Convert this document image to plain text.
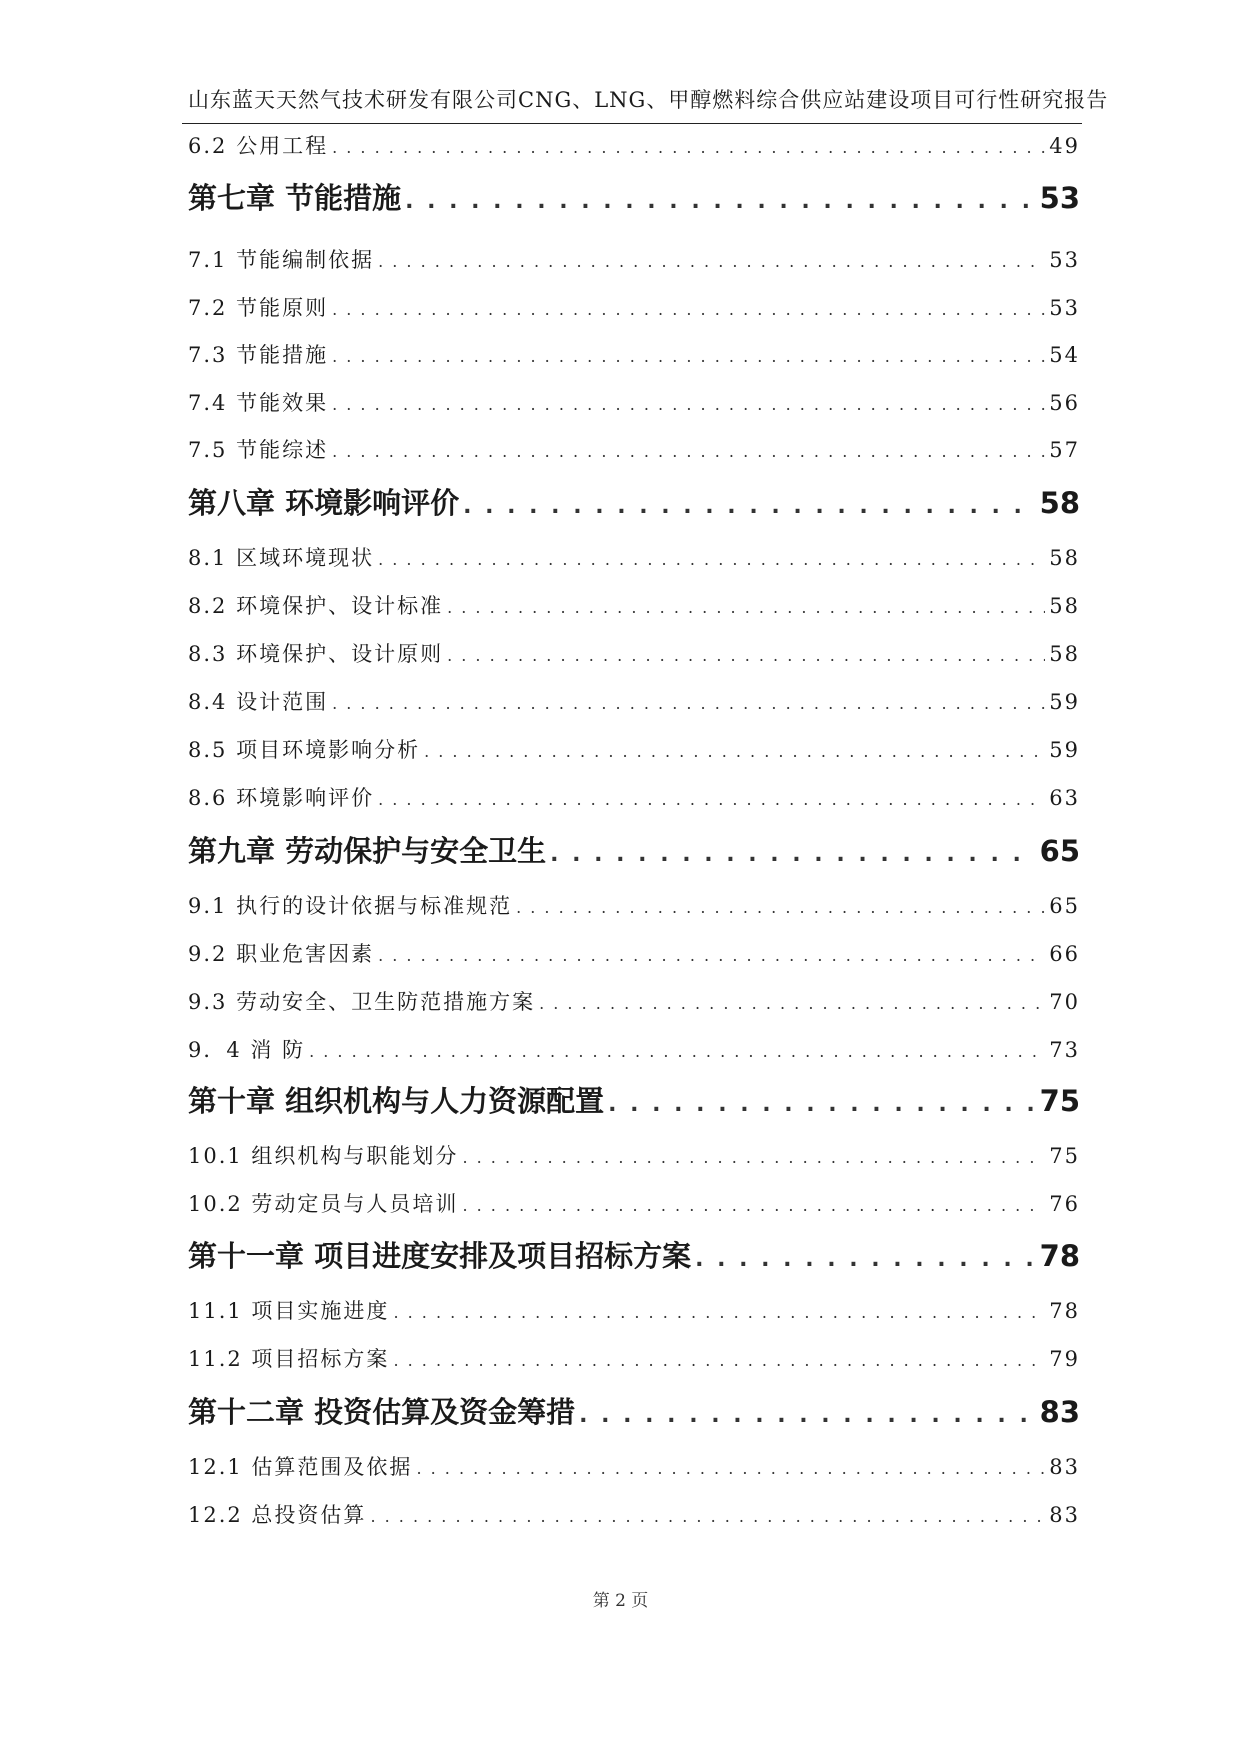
山东蓝天天然气技术研发有限公司CNG、LNG、甲醇燃料综合供应站建设项目可行性研究报告
6.2 公用工程 . . .	49
第七章 节能措施 . . .	53
7.1 节能编制依据 . . .	53
7.2 节能原则 . . .	53
7.3 节能措施 . . .	54
7.4 节能效果 . . .	56
7.5 节能综述 . . .	57
第八章 环境影响评价 . . .	58
8.1 区域环境现状 . . .	58
8.2 环境保护、设计标准 . . .	58
8.3 环境保护、设计原则 . . .	58
8.4 设计范围 . . .	59
8.5 项目环境影响分析 . . .	59
8.6 环境影响评价 . . .	63
第九章 劳动保护与安全卫生 . . .	65
9.1 执行的设计依据与标准规范 . . .	65
9.2 职业危害因素 . . .	66
9.3 劳动安全、卫生防范措施方案 . . .	70
9．4 消 防 . . .	73
第十章 组织机构与人力资源配置 . . .	75
10.1 组织机构与职能划分 . . .	75
10.2 劳动定员与人员培训 . . .	76
第十一章 项目进度安排及项目招标方案 . . .	78
11.1 项目实施进度 . . .	78
11.2 项目招标方案 . . .	79
第十二章 投资估算及资金筹措 . . .	83
12.1 估算范围及依据 . . .	83
12.2 总投资估算 . . .	83
第 2 页
